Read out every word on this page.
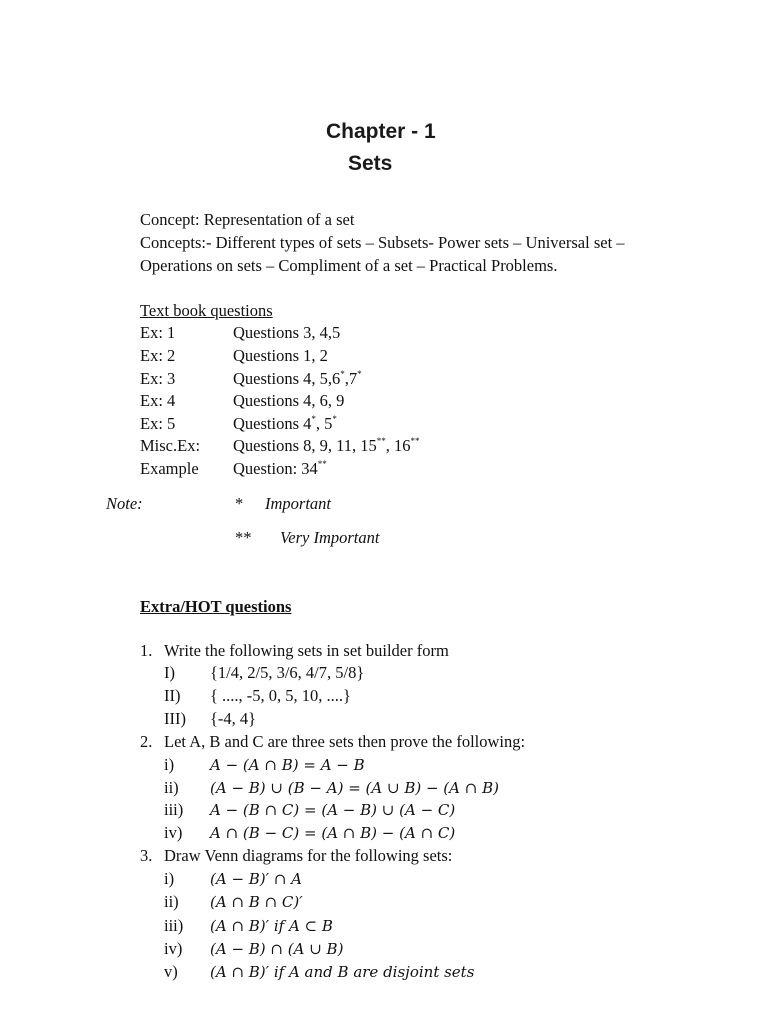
Chapter - 1
Sets
Concept: Representation of a set
Concepts:- Different types of sets – Subsets- Power sets – Universal set –
Operations on sets – Compliment of a set – Practical Problems.
Text book questions
Ex: 1	Questions 3, 4,5
Ex: 2	Questions 1, 2
Ex: 3	Questions 4, 5,6*,7*
Ex: 4	Questions 4, 6, 9
Ex: 5	Questions 4*, 5*
Misc.Ex: Questions 8, 9, 11, 15**, 16**
Example Question: 34**
Note:	* Important
** Very Important
Extra/HOT questions
1. Write the following sets in set builder form
I) {1/4, 2/5, 3/6, 4/7, 5/8}
II) { ...., -5, 0, 5, 10, ....}
III) {-4, 4}
2. Let A, B and C are three sets then prove the following:
i) A − (A ∩ B) = A − B
ii) (A − B) ∪ (B − A) = (A ∪ B) − (A ∩ B)
iii) A − (B ∩ C) = (A − B) ∪ (A − C)
iv) A ∩ (B − C) = (A ∩ B) − (A ∩ C)
3. Draw Venn diagrams for the following sets:
i) (A − B)′ ∩ A
ii) (A ∩ B ∩ C)′
iii) (A ∩ B)′ if A ⊂ B
iv) (A − B) ∩ (A ∪ B)
v) (A ∩ B)′ if A and B are disjoint sets
